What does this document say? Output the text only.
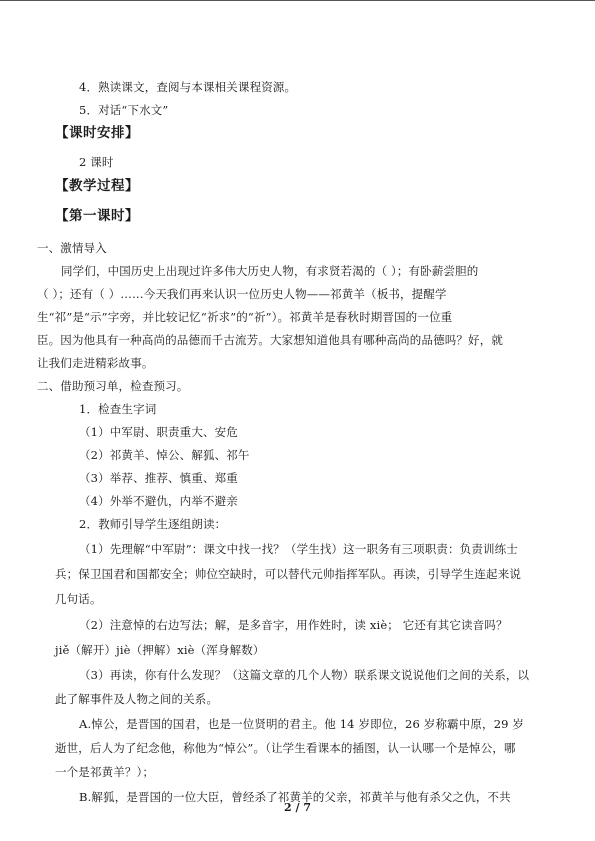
4．熟读课文，查阅与本课相关课程资源。
5．对话“下水文”
【课时安排】
2 课时
【教学过程】
【第一课时】
一、激情导入
同学们，中国历史上出现过许多伟大历史人物，有求贤若渴的（ ）；有卧薪尝胆的
（ ）；还有（ ）……今天我们再来认识一位历史人物——祁黄羊（板书，提醒学
生“祁”是“示”字旁，并比较记忆“祈求”的“祈”）。祁黄羊是春秋时期晋国的一位重
臣。因为他具有一种高尚的品德而千古流芳。大家想知道他具有哪种高尚的品德吗？好，就
让我们走进精彩故事。
二、借助预习单，检查预习。
1．检查生字词
（1）中军尉、职责重大、安危
（2）祁黄羊、悼公、解狐、祁午
（3）举荐、推荐、慎重、郑重
（4）外举不避仇，内举不避亲
2．教师引导学生逐组朗读：
（1）先理解“中军尉”：课文中找一找？（学生找）这一职务有三项职责：负责训练士
兵；保卫国君和国都安全；帅位空缺时，可以替代元帅指挥军队。再读，引导学生连起来说
几句话。
（2）注意悼的右边写法；解，是多音字，用作姓时，读 xiè； 它还有其它读音吗？
jiě（解开）jiè（押解）xiè（浑身解数）
（3）再读，你有什么发现？（这篇文章的几个人物）联系课文说说他们之间的关系，以
此了解事件及人物之间的关系。
A.悼公，是晋国的国君，也是一位贤明的君主。他 14 岁即位，26 岁称霸中原，29 岁
逝世，后人为了纪念他，称他为“悼公”。（让学生看课本的插图，认一认哪一个是悼公，哪
一个是祁黄羊？）；
B.解狐，是晋国的一位大臣，曾经杀了祁黄羊的父亲，祁黄羊与他有杀父之仇，不共
2 / 7
